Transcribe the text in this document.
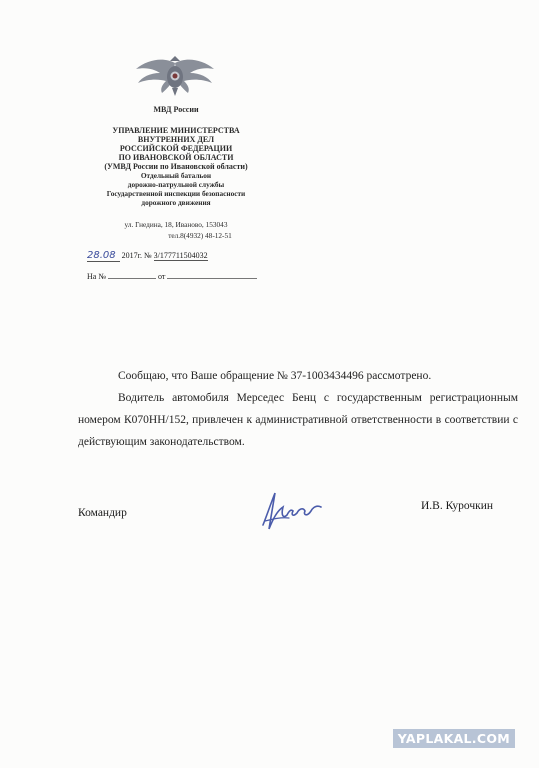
МВД России
УПРАВЛЕНИЕ МИНИСТЕРСТВА
ВНУТРЕННИХ ДЕЛ
РОССИЙСКОЙ ФЕДЕРАЦИИ
ПО ИВАНОВСКОЙ ОБЛАСТИ
(УМВД России по Ивановской области)
Отдельный батальон
дорожно-патрульной службы
Государственной инспекции безопасности
дорожного движения
ул. Гнедина, 18, Иваново, 153043
тел.8(4932) 48-12-51
28.08 2017г. № 3/177711504032
На №	от
Сообщаю, что Ваше обращение № 37-1003434496 рассмотрено.
Водитель автомобиля Мерседес Бенц с государственным регистрационным номером К070НН/152, привлечен к административной ответственности в соответствии с действующим законодательством.
Командир
И.В. Курочкин
YAPLAKAL.COM
